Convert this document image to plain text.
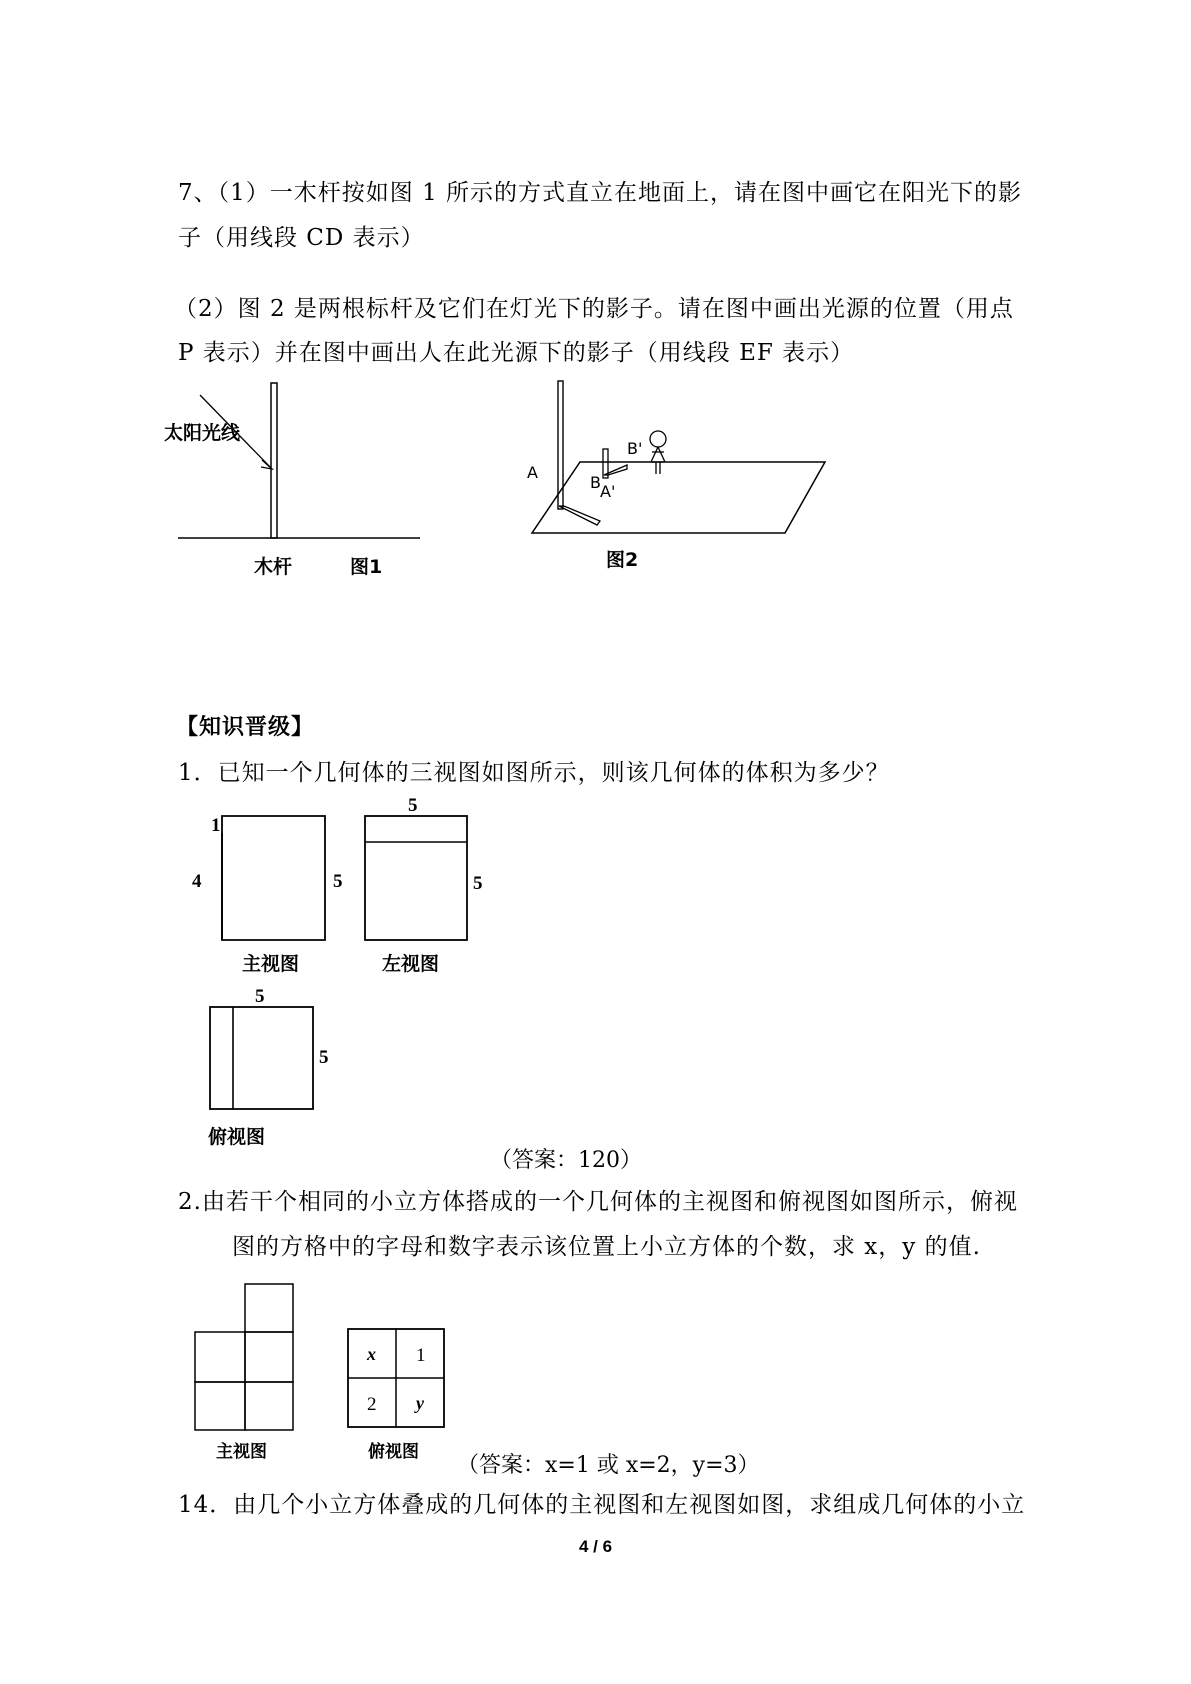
7、（1）一木杆按如图 1 所示的方式直立在地面上，请在图中画它在阳光下的影
子（用线段 CD 表示）
（2）图 2 是两根标杆及它们在灯光下的影子。请在图中画出光源的位置（用点
P 表示）并在图中画出人在此光源下的影子（用线段 EF 表示）
太阳光线
木杆	图1
A
A'
B
B'
图2
【知识晋级】
1．已知一个几何体的三视图如图所示，则该几何体的体积为多少？
1
4	5
主视图
5
5
左视图
5
5
俯视图
（答案：120）
2.由若干个相同的小立方体搭成的一个几何体的主视图和俯视图如图所示，俯视
图的方格中的字母和数字表示该位置上小立方体的个数，求 x，y 的值.
主视图
x 1
2 y
俯视图
（答案：x=1 或 x=2，y=3）
14．由几个小立方体叠成的几何体的主视图和左视图如图，求组成几何体的小立
4 / 6
